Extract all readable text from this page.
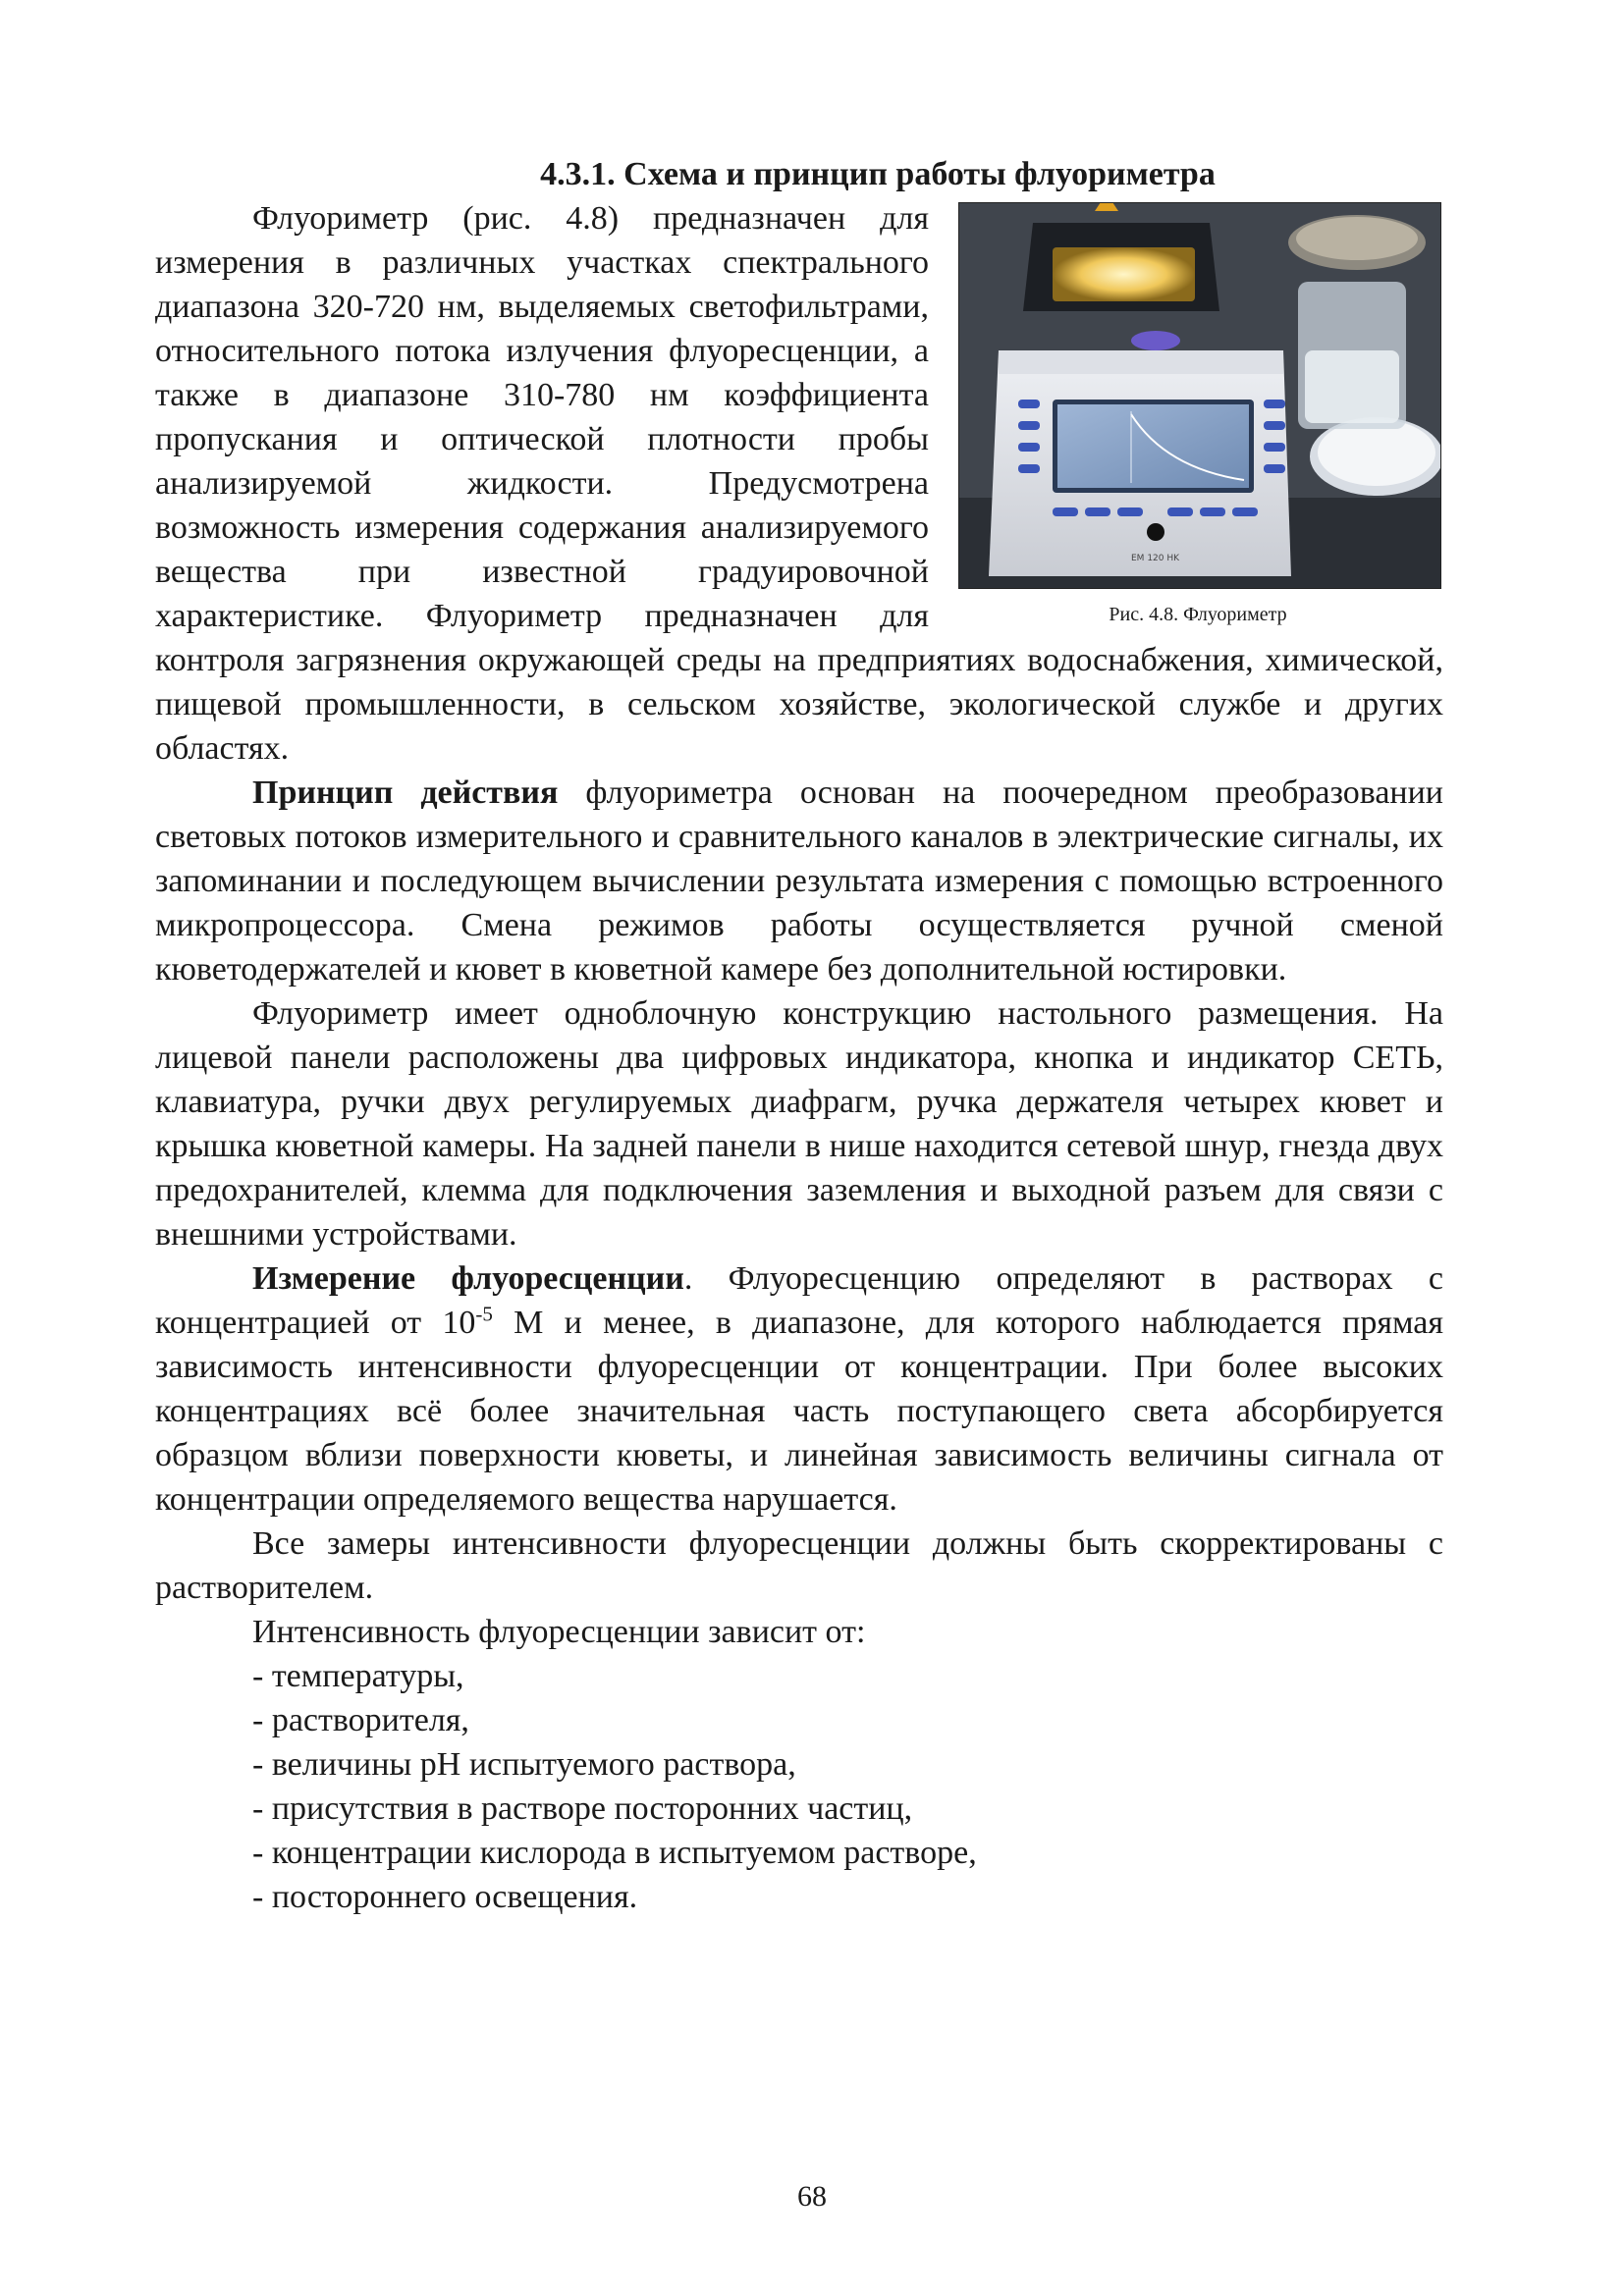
4.3.1. Схема и принцип работы флуориметра

EM 120 HK
Рис. 4.8. Флуориметр

Флуориметр (рис. 4.8) предназначен для измерения в различных участках спектрального диапазона 320-720 нм, выделяемых светофильтрами, относительного потока излучения флуоресценции, а также в диапазоне 310-780 нм коэффициента пропускания и оптической плотности пробы анализируемой жидкости. Предусмотрена возможность измерения содержания анализируемого вещества при известной градуировочной характеристике. Флуориметр предназначен для контроля загрязнения окружающей среды на предприятиях водоснабжения, химической, пищевой промышленности, в сельском хозяйстве, экологической службе и других областях.

Принцип действия флуориметра основан на поочередном преобразовании световых потоков измерительного и сравнительного каналов в электрические сигналы, их запоминании и последующем вычислении результата измерения с помощью встроенного микропроцессора. Смена режимов работы осуществляется ручной сменой кюветодержателей и кювет в кюветной камере без дополнительной юстировки.

Флуориметр имеет одноблочную конструкцию настольного размещения. На лицевой панели расположены два цифровых индикатора, кнопка и индикатор СЕТЬ, клавиатура, ручки двух регулируемых диафрагм, ручка держателя четырех кювет и крышка кюветной камеры. На задней панели в нише находится сетевой шнур, гнезда двух предохранителей, клемма для подключения заземления и выходной разъем для связи с внешними устройствами.

Измерение флуоресценции. Флуоресценцию определяют в растворах с концентрацией от $10^{-5}$ М и менее, в диапазоне, для которого наблюдается прямая зависимость интенсивности флуоресценции от концентрации. При более высоких концентрациях всё более значительная часть поступающего света абсорбируется образцом вблизи поверхности кюветы, и линейная зависимость величины сигнала от концентрации определяемого вещества нарушается.

Все замеры интенсивности флуоресценции должны быть скорректированы с растворителем.

Интенсивность флуоресценции зависит от:

- температуры,

- растворителя,

- величины pH испытуемого раствора,

- присутствия в растворе посторонних частиц,

- концентрации кислорода в испытуемом растворе,

- постороннего освещения.

68
